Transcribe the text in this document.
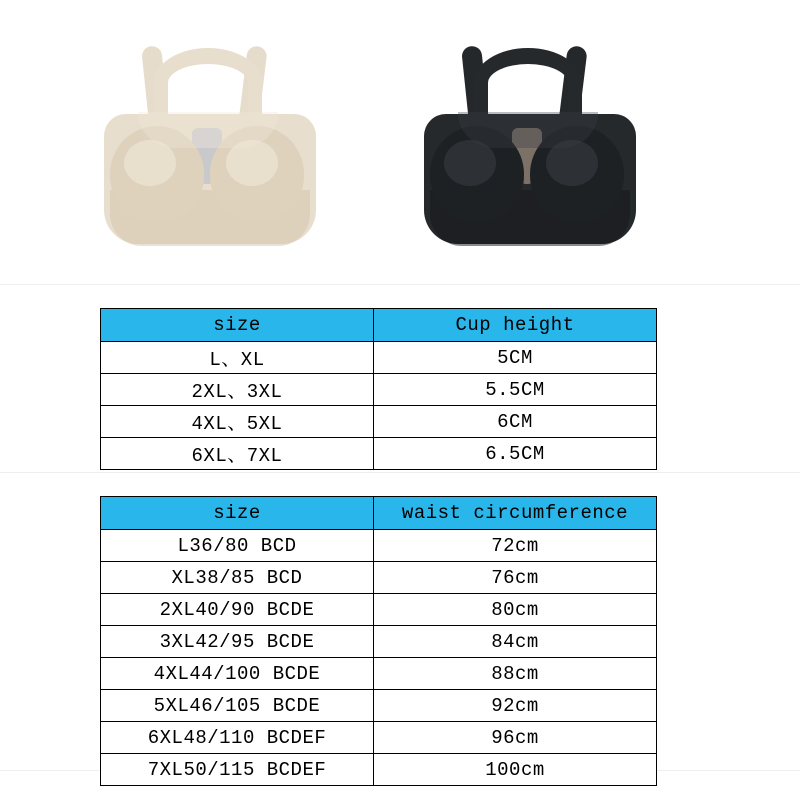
size	Cup height
L、XL	5CM
2XL、3XL	5.5CM
4XL、5XL	6CM
6XL、7XL	6.5CM
size	waist circumference
L36/80 BCD	72cm
XL38/85 BCD	76cm
2XL40/90 BCDE	80cm
3XL42/95 BCDE	84cm
4XL44/100 BCDE	88cm
5XL46/105 BCDE	92cm
6XL48/110 BCDEF	96cm
7XL50/115 BCDEF	100cm
